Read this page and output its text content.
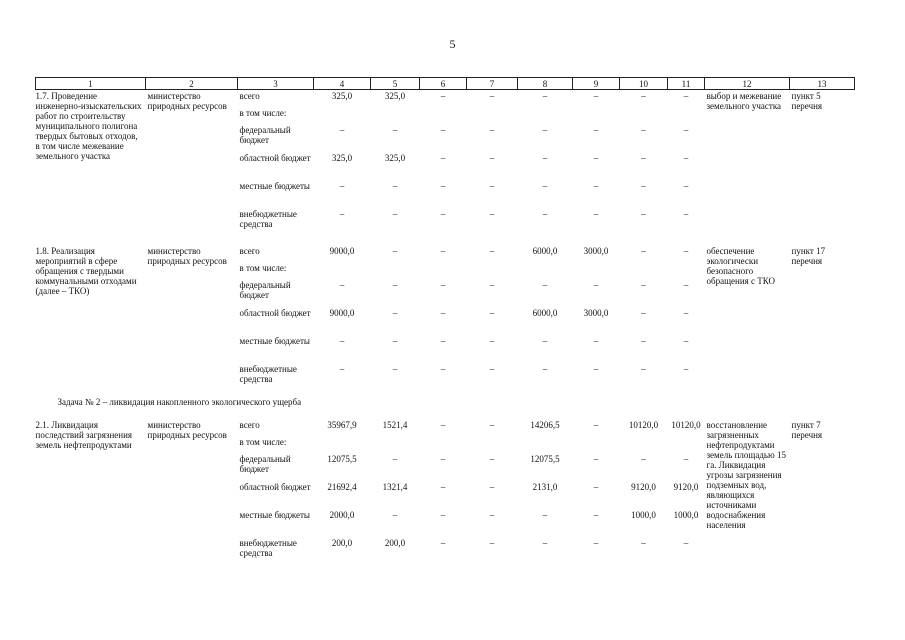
5
1	2	3	4	5	6	7	8	9	10	11	12	13
1.7. Проведение инженерно-изыскательских работ по строительству муниципального полигона твердых бытовых отходов, в том числе межевание земельного участка	министерство природных ресурсов	всего	325,0	325,0	–	–	–	–	–	–	выбор и межевание земельного участка	пункт 5 перечня
		в том числе:										
		федеральный бюджет	–	–	–	–	–	–	–	–		
		областной бюджет	325,0	325,0	–	–	–	–	–	–		
		местные бюджеты	–	–	–	–	–	–	–	–		
		внебюджетные средства	–	–	–	–	–	–	–	–		

1.8. Реализация мероприятий в сфере обращения с твердыми коммунальными отходами (далее – ТКО)	министерство природных ресурсов	всего	9000,0	–	–	–	6000,0	3000,0	–	–	обеспечение экологически безопасного обращения с ТКО	пункт 17 перечня
		в том числе:										
		федеральный бюджет	–	–	–	–	–	–	–	–		
		областной бюджет	9000,0	–	–	–	6000,0	3000,0	–	–		
		местные бюджеты	–	–	–	–	–	–	–	–		
		внебюджетные средства	–	–	–	–	–	–	–	–		
Задача № 2 – ликвидация накопленного экологического ущерба												
2.1. Ликвидация последствий загрязнения земель нефтепродуктами	министерство природных ресурсов	всего	35967,9	1521,4	–	–	14206,5	–	10120,0	10120,0	восстановление загрязненных нефтепродуктами земель площадью 15 га. Ликвидация угрозы загрязнения подземных вод, являющихся источниками водоснабжения населения	пункт 7 перечня
		в том числе:										
		федеральный бюджет	12075,5	–	–	–	12075,5	–	–	–		
		областной бюджет	21692,4	1321,4	–	–	2131,0	–	9120,0	9120,0		
		местные бюджеты	2000,0	–	–	–	–	–	1000,0	1000,0		
		внебюджетные средства	200,0	200,0	–	–	–	–	–	–		
